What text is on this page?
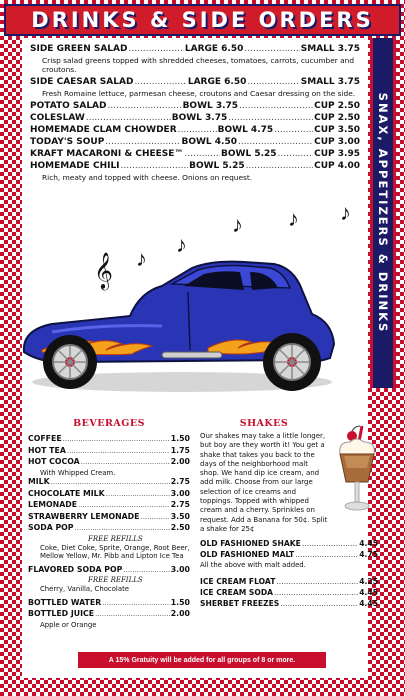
DRINKS & SIDE ORDERS
SNAX, APPETIZERS & DRINKS
SIDE GREEN SALAD .....	LARGE 6.50 .....	SMALL 3.75
Crisp salad greens topped with shredded cheeses, tomatoes, carrots, cucumber and croutons.
SIDE CAESAR SALAD .....	LARGE 6.50 .....	SMALL 3.75
Fresh Romaine lettuce, parmesan cheese, croutons and Caesar dressing on the side.
POTATO SALAD .....	BOWL 3.75 .....	CUP 2.50
COLESLAW .....	BOWL 3.75 .....	CUP 2.50
HOMEMADE CLAM CHOWDER .....	BOWL 4.75 .....	CUP 3.50
TODAY'S SOUP .....	BOWL 4.50 .....	CUP 3.00
KRAFT MACARONI & CHEESE™ .....	BOWL 5.25 .....	CUP 3.95
HOMEMADE CHILI .....	BOWL 5.25 .....	CUP 4.00
Rich, meaty and topped with cheese. Onions on request.
𝄞 ♪
♪
♪ ♪ ♪
BEVERAGES
COFFEE .....	1.50
HOT TEA .....	1.75
HOT COCOA .....	2.00
With Whipped Cream.
MILK .....	2.75
CHOCOLATE MILK .....	3.00
LEMONADE .....	2.75
STRAWBERRY LEMONADE .....	3.50
SODA POP .....	2.50
FREE REFILLS
Coke, Diet Coke, Sprite, Orange, Root Beer, Mellow Yellow, Mr. Pibb and Lipton Ice Tea
FLAVORED SODA POP .....	3.00
FREE REFILLS
Cherry, Vanilla, Chocolate
BOTTLED WATER .....	1.50
BOTTLED JUICE .....	2.00
Apple or Orange
SHAKES
Our shakes may take a little longer, but boy are they worth it! You get a shake that takes you back to the days of the neighborhood malt shop. We hand dip ice cream, and add milk. Choose from our large selection of ice creams and toppings. Topped with whipped cream and a cherry. Sprinkles on request. Add a Banana for 50¢. Split a shake for 25¢
OLD FASHIONED SHAKE .....	4.45
OLD FASHIONED MALT .....	4.75
All the above with malt added.
ICE CREAM FLOAT .....	4.25
ICE CREAM SODA .....	4.45
SHERBET FREEZES .....	4.45
A 15% Gratuity will be added for all groups of 8 or more.
